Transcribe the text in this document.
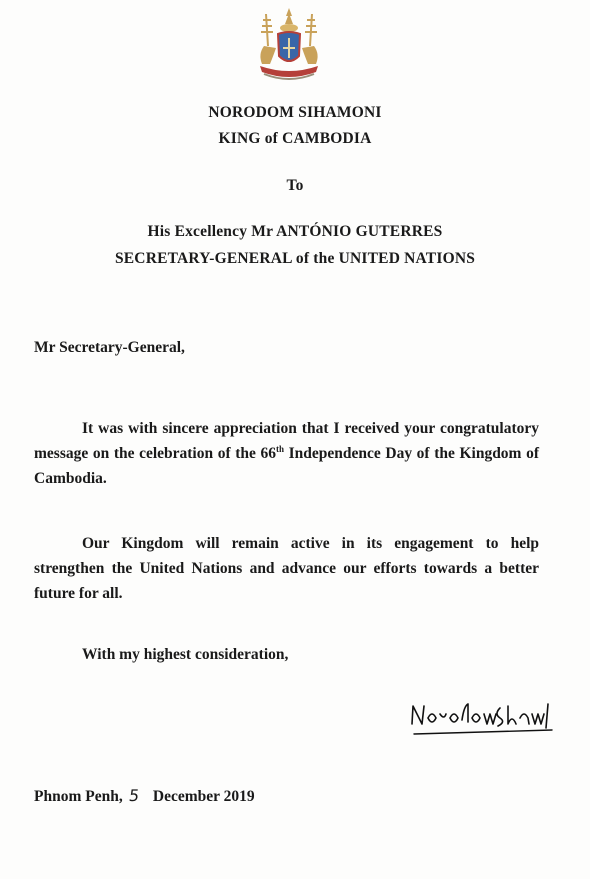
NORODOM SIHAMONI
KING of CAMBODIA
To
His Excellency Mr ANTÓNIO GUTERRES
SECRETARY-GENERAL of the UNITED NATIONS
Mr Secretary-General,
It was with sincere appreciation that I received your congratulatory message on the celebration of the 66th Independence Day of the Kingdom of Cambodia.
Our Kingdom will remain active in its engagement to help strengthen the United Nations and advance our efforts towards a better future for all.
With my highest consideration,
Phnom Penh, 5 December 2019
